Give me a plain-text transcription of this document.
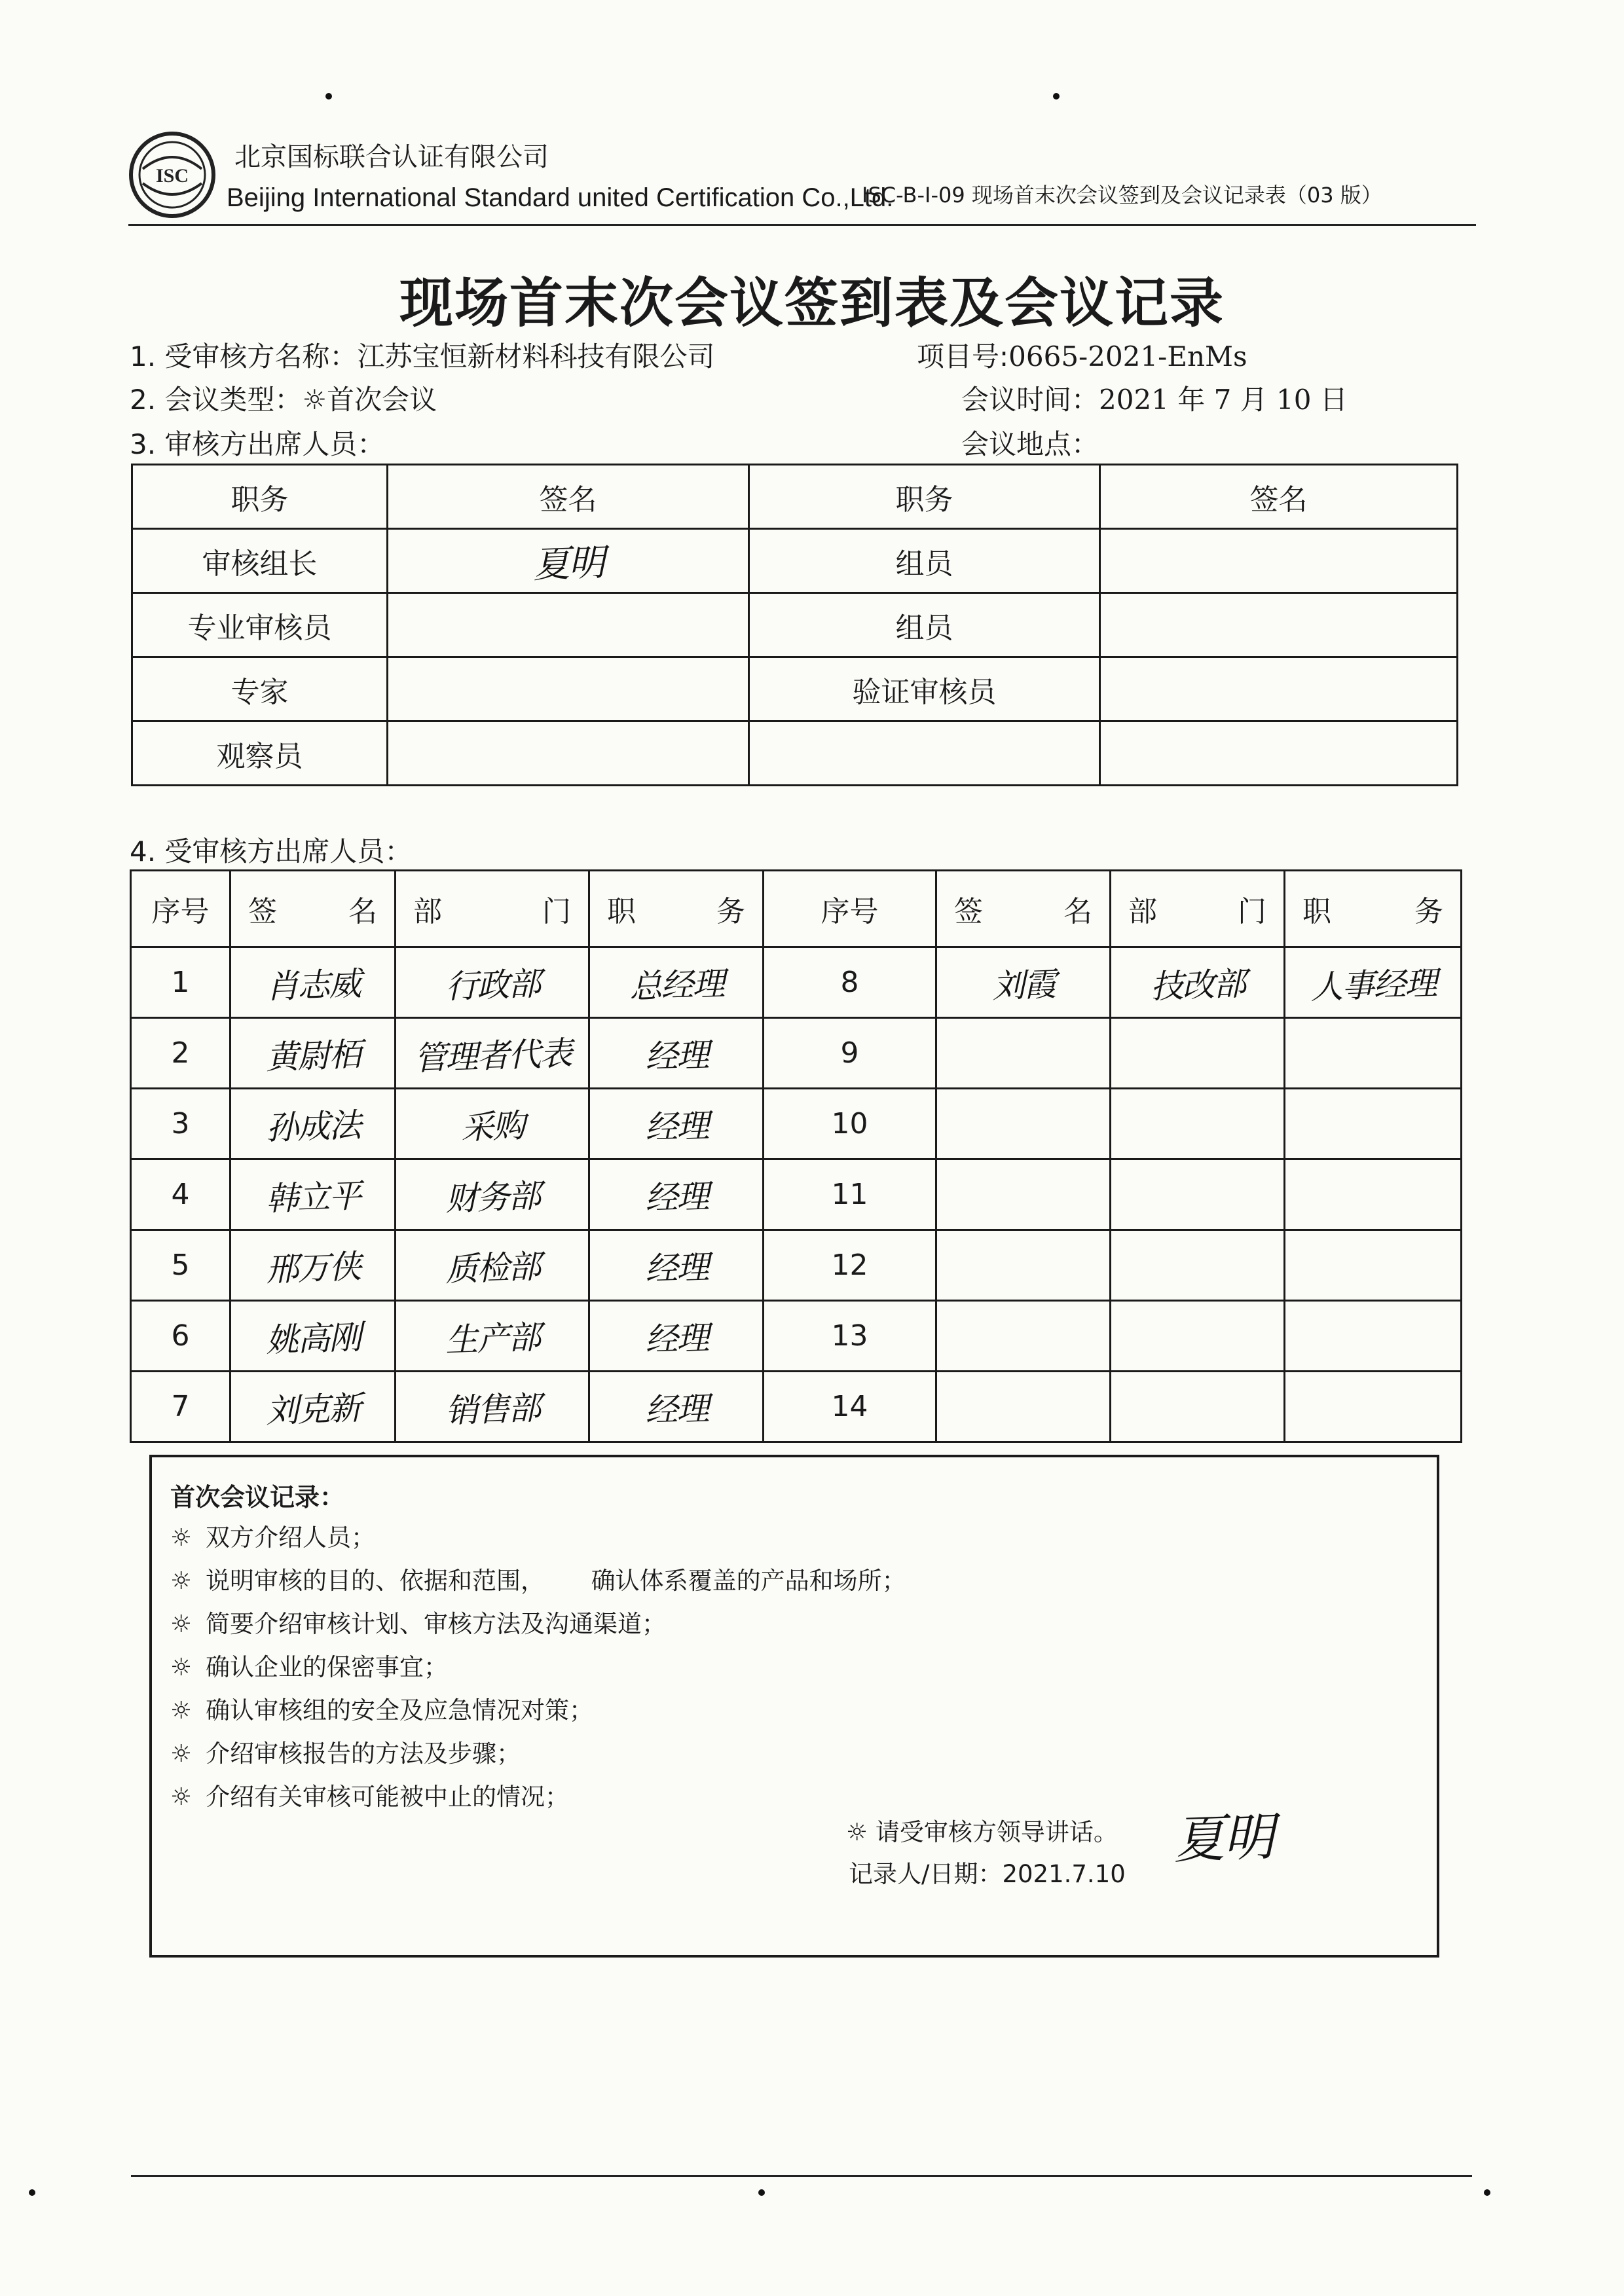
ISC
北京国标联合认证有限公司
Beijing International Standard united Certification Co.,Ltd.
ISC-B-I-09 现场首末次会议签到及会议记录表（03 版）
现场首末次会议签到表及会议记录
1. 受审核方名称：江苏宝恒新材料科技有限公司	项目号:0665-2021-EnMs
2. 会议类型：☼首次会议	会议时间：2021 年 7 月 10 日
3. 审核方出席人员：	会议地点：
职务	签名	职务	签名
审核组长	夏明	组员	
专业审核员		组员	
专家		验证审核员	
观察员			
4. 受审核方出席人员：
序号	签 名	部 门	职 务	序号	签 名	部 门	职 务

1	肖志威	行政部	总经理	8	刘霞	技改部	人事经理
2	黄尉栢	管理者代表	经理	9			
3	孙成法	采购	经理	10			
4	韩立平	财务部	经理	11			
5	邢万侠	质检部	经理	12			
6	姚高刚	生产部	经理	13			
7	刘克新	销售部	经理	14			
首次会议记录：
☼ 双方介绍人员；
☼ 说明审核的目的、依据和范围，      确认体系覆盖的产品和场所；
☼ 简要介绍审核计划、审核方法及沟通渠道；
☼ 确认企业的保密事宜；
☼ 确认审核组的安全及应急情况对策；
☼ 介绍审核报告的方法及步骤；
☼ 介绍有关审核可能被中止的情况；
☼ 请受审核方领导讲话。
记录人/日期：2021.7.10
夏明
